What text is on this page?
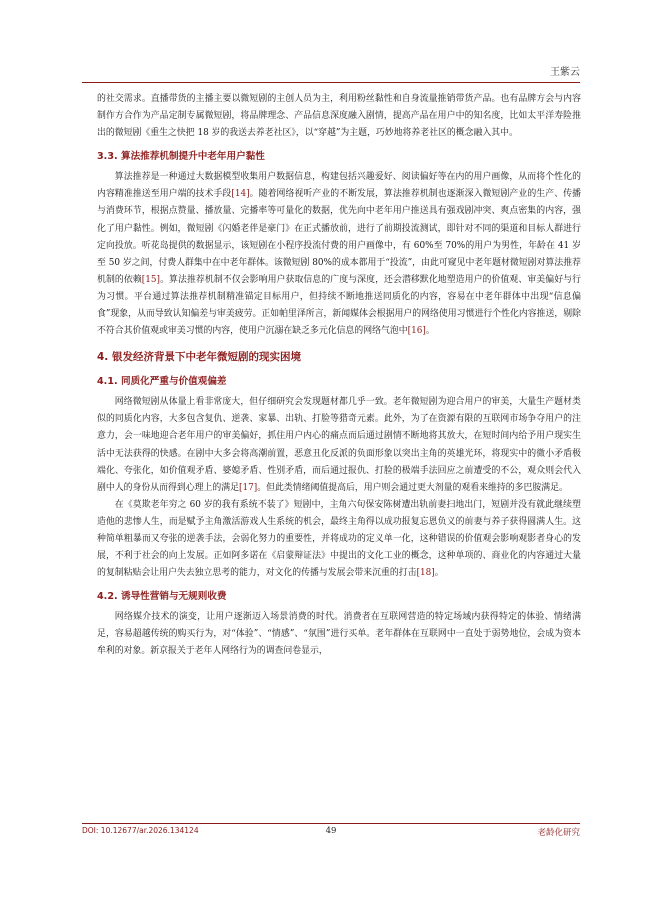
王紫云

的社交需求。直播带货的主播主要以微短剧的主创人员为主，利用粉丝黏性和自身流量推销带货产品。也有品牌方会与内容制作方合作为产品定制专属微短剧，将品牌理念、产品信息深度融入剧情，提高产品在用户中的知名度，比如太平洋寿险推出的微短剧《重生之快把 18 岁的我送去养老社区》，以“穿越”为主题，巧妙地将养老社区的概念融入其中。

3.3. 算法推荐机制提升中老年用户黏性

算法推荐是一种通过大数据模型收集用户数据信息，构建包括兴趣爱好、阅读偏好等在内的用户画像，从而将个性化的内容精准推送至用户端的技术手段[14]。随着网络视听产业的不断发展，算法推荐机制也逐渐深入微短剧产业的生产、传播与消费环节，根据点赞量、播放量、完播率等可量化的数据，优先向中老年用户推送具有强戏剧冲突、爽点密集的内容，强化了用户黏性。例如，微短剧《闪婚老伴是豪门》在正式播放前，进行了前期投流测试，即针对不同的渠道和目标人群进行定向投放。听花岛提供的数据显示，该短剧在小程序投流付费的用户画像中，有 60%至 70%的用户为男性，年龄在 41 岁至 50 岁之间，付费人群集中在中老年群体。该微短剧 80%的成本都用于“投流”，由此可窥见中老年题材微短剧对算法推荐机制的依赖[15]。算法推荐机制不仅会影响用户获取信息的广度与深度，还会潜移默化地塑造用户的价值观、审美偏好与行为习惯。平台通过算法推荐机制精准锚定目标用户，但持续不断地推送同质化的内容，容易在中老年群体中出现“信息偏食”现象，从而导致认知偏差与审美疲劳。正如帕里泽所言，新闻媒体会根据用户的网络使用习惯进行个性化内容推送，剔除不符合其价值观或审美习惯的内容，使用户沉溺在缺乏多元化信息的网络气泡中[16]。

4. 银发经济背景下中老年微短剧的现实困境
4.1. 同质化严重与价值观偏差

网络微短剧从体量上看非常庞大，但仔细研究会发现题材都几乎一致。老年微短剧为迎合用户的审美，大量生产题材类似的同质化内容，大多包含复仇、逆袭、家暴、出轨、打脸等猎奇元素。此外，为了在资源有限的互联网市场争夺用户的注意力，会一味地迎合老年用户的审美偏好，抓住用户内心的痛点而后通过剧情不断地将其放大，在短时间内给予用户现实生活中无法获得的快感。在剧中大多会将高潮前置，恶意丑化反派的负面形象以突出主角的英雄光环，将现实中的微小矛盾极端化、夸张化，如价值观矛盾、婆媳矛盾、性别矛盾，而后通过报仇、打脸的极端手法回应之前遭受的不公，观众则会代入剧中人的身份从而得到心理上的满足[17]。但此类情绪阈值提高后，用户则会通过更大剂量的观看来维持的多巴胺满足。

在《莫欺老年穷之 60 岁的我有系统不装了》短剧中，主角六旬保安陈树遭出轨前妻扫地出门，短剧并没有就此继续塑造他的悲惨人生，而是赋予主角激活游戏人生系统的机会，最终主角得以成功报复忘恩负义的前妻与养子获得圆满人生。这种简单粗暴而又夸张的逆袭手法，会弱化努力的重要性，并将成功的定义单一化，这种错误的价值观会影响观影者身心的发展，不利于社会的向上发展。正如阿多诺在《启蒙辩证法》中提出的文化工业的概念，这种单项的、商业化的内容通过大量的复制粘贴会让用户失去独立思考的能力，对文化的传播与发展会带来沉重的打击[18]。

4.2. 诱导性营销与无规则收费

网络媒介技术的演变，让用户逐渐迈入场景消费的时代。消费者在互联网营造的特定场域内获得特定的体验、情绪满足，容易超越传统的购买行为，对“体验”、“情感”、“氛围”进行买单。老年群体在互联网中一直处于弱势地位，会成为资本牟利的对象。新京报关于老年人网络行为的调查问卷显示，

DOI: 10.12677/ar.2026.134124	49	老龄化研究
